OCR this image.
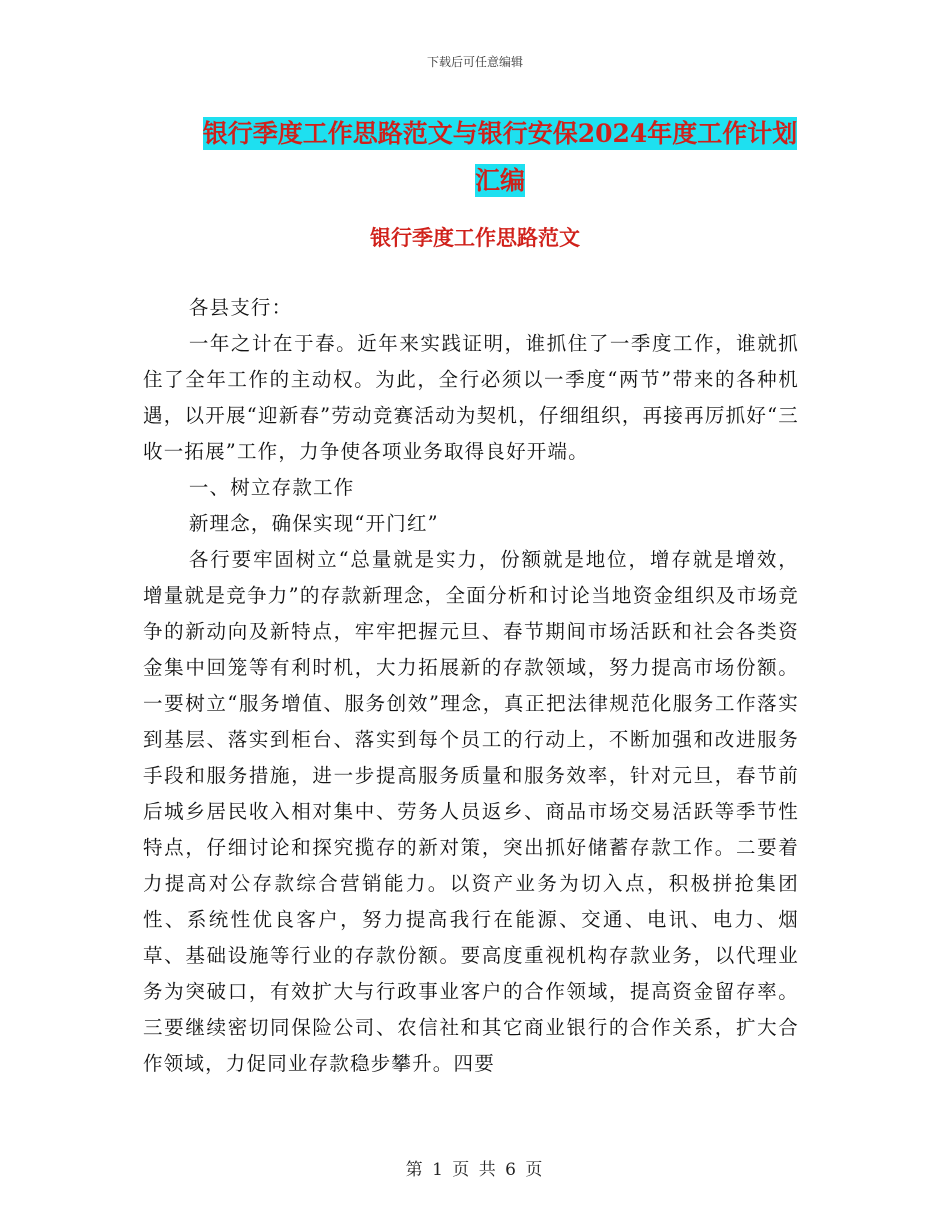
下载后可任意编辑
银行季度工作思路范文与银行安保2024年度工作计划
汇编
银行季度工作思路范文

各县支行：

一年之计在于春。近年来实践证明，谁抓住了一季度工作，谁就抓住了全年工作的主动权。为此，全行必须以一季度“两节”带来的各种机遇，以开展“迎新春”劳动竞赛活动为契机，仔细组织，再接再厉抓好“三收一拓展”工作，力争使各项业务取得良好开端。

一、树立存款工作

新理念，确保实现“开门红”

各行要牢固树立“总量就是实力，份额就是地位，增存就是增效，增量就是竞争力”的存款新理念，全面分析和讨论当地资金组织及市场竞争的新动向及新特点，牢牢把握元旦、春节期间市场活跃和社会各类资金集中回笼等有利时机，大力拓展新的存款领域，努力提高市场份额。一要树立“服务增值、服务创效”理念，真正把法律规范化服务工作落实到基层、落实到柜台、落实到每个员工的行动上，不断加强和改进服务手段和服务措施，进一步提高服务质量和服务效率，针对元旦，春节前后城乡居民收入相对集中、劳务人员返乡、商品市场交易活跃等季节性特点，仔细讨论和探究揽存的新对策，突出抓好储蓄存款工作。二要着力提高对公存款综合营销能力。以资产业务为切入点，积极拼抢集团性、系统性优良客户，努力提高我行在能源、交通、电讯、电力、烟草、基础设施等行业的存款份额。要高度重视机构存款业务，以代理业务为突破口，有效扩大与行政事业客户的合作领域，提高资金留存率。三要继续密切同保险公司、农信社和其它商业银行的合作关系，扩大合作领域，力促同业存款稳步攀升。四要

第 1 页 共 6 页
